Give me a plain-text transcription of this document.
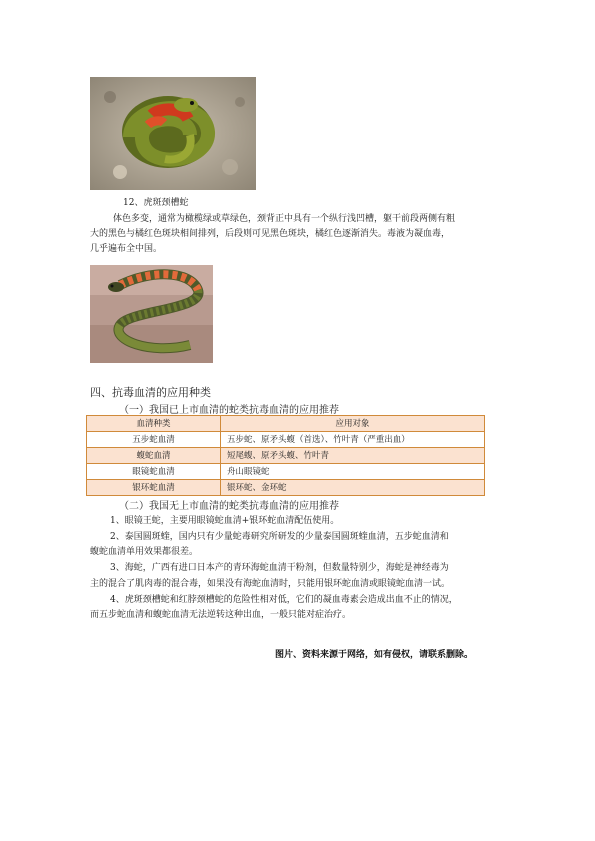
12、虎斑颈槽蛇
体色多变，通常为橄榄绿或草绿色，颈背正中具有一个纵行浅凹槽，躯干前段两侧有粗
大的黑色与橘红色斑块相间排列，后段则可见黑色斑块，橘红色逐渐消失。毒液为凝血毒，
几乎遍布全中国。
四、抗毒血清的应用种类
（一）我国已上市血清的蛇类抗毒血清的应用推荐
血清种类	应用对象
五步蛇血清	五步蛇、原矛头蝮（首选）、竹叶青（严重出血）
蝮蛇血清	短尾蝮、原矛头蝮、竹叶青
眼镜蛇血清	舟山眼镜蛇
银环蛇血清	银环蛇、金环蛇
（二）我国无上市血清的蛇类抗毒血清的应用推荐
1、眼镜王蛇，主要用眼镜蛇血清+银环蛇血清配伍使用。
2、泰国圆斑蝰，国内只有少量蛇毒研究所研发的少量泰国圆斑蝰血清，五步蛇血清和
蝮蛇血清单用效果都很差。
3、海蛇，广西有进口日本产的青环海蛇血清干粉剂，但数量特别少，海蛇是神经毒为
主的混合了肌肉毒的混合毒，如果没有海蛇血清时，只能用银环蛇血清或眼镜蛇血清一试。
4、虎斑颈槽蛇和红脖颈槽蛇的危险性相对低，它们的凝血毒素会造成出血不止的情况，
而五步蛇血清和蝮蛇血清无法逆转这种出血，一般只能对症治疗。
图片、资料来源于网络，如有侵权，请联系删除。
